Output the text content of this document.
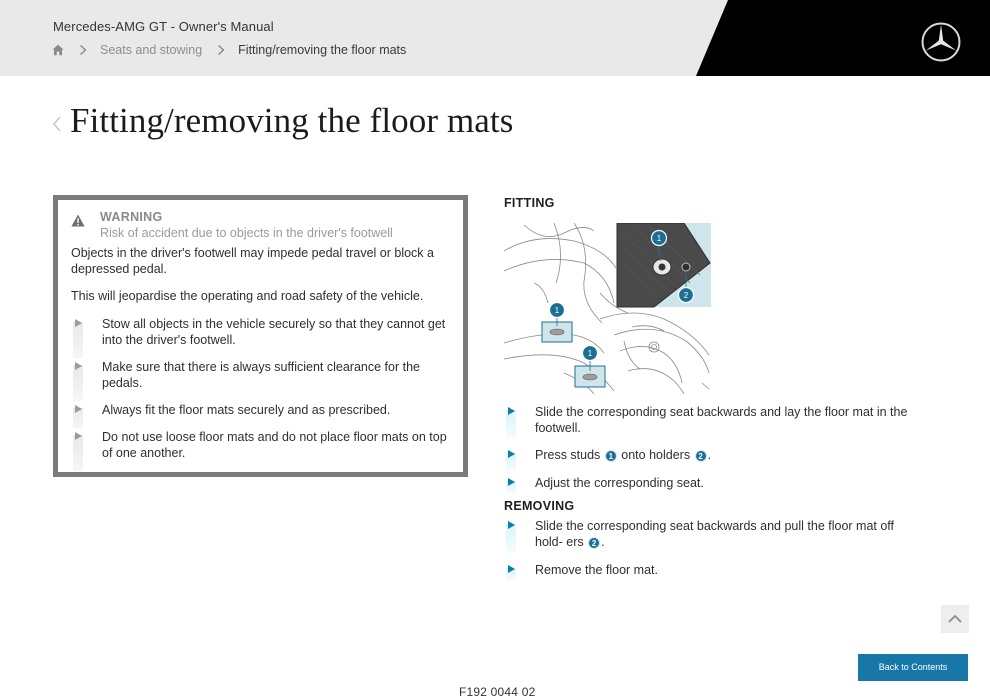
Mercedes-AMG GT - Owner's Manual
Seats and stowing	Fitting/removing the floor mats
Fitting/removing the floor mats
WARNING
Risk of accident due to objects in the driver's footwell

Objects in the driver's footwell may impede pedal travel or block a depressed pedal.

This will jeopardise the operating and road safety of the vehicle.

Stow all objects in the vehicle securely so that they cannot get into the driver's footwell.
Make sure that there is always sufficient clearance for the pedals.
Always fit the floor mats securely and as prescribed.
Do not use loose floor mats and do not place floor mats on top of one another.
FITTING
1
2
1
1
Slide the corresponding seat backwards and lay the floor mat in the footwell.
Press studs 1 onto holders 2 .
Adjust the corresponding seat.
REMOVING
Slide the corresponding seat backwards and pull the floor mat off hold- ers 2 .
Remove the floor mat.
Back to Contents
F192 0044 02
